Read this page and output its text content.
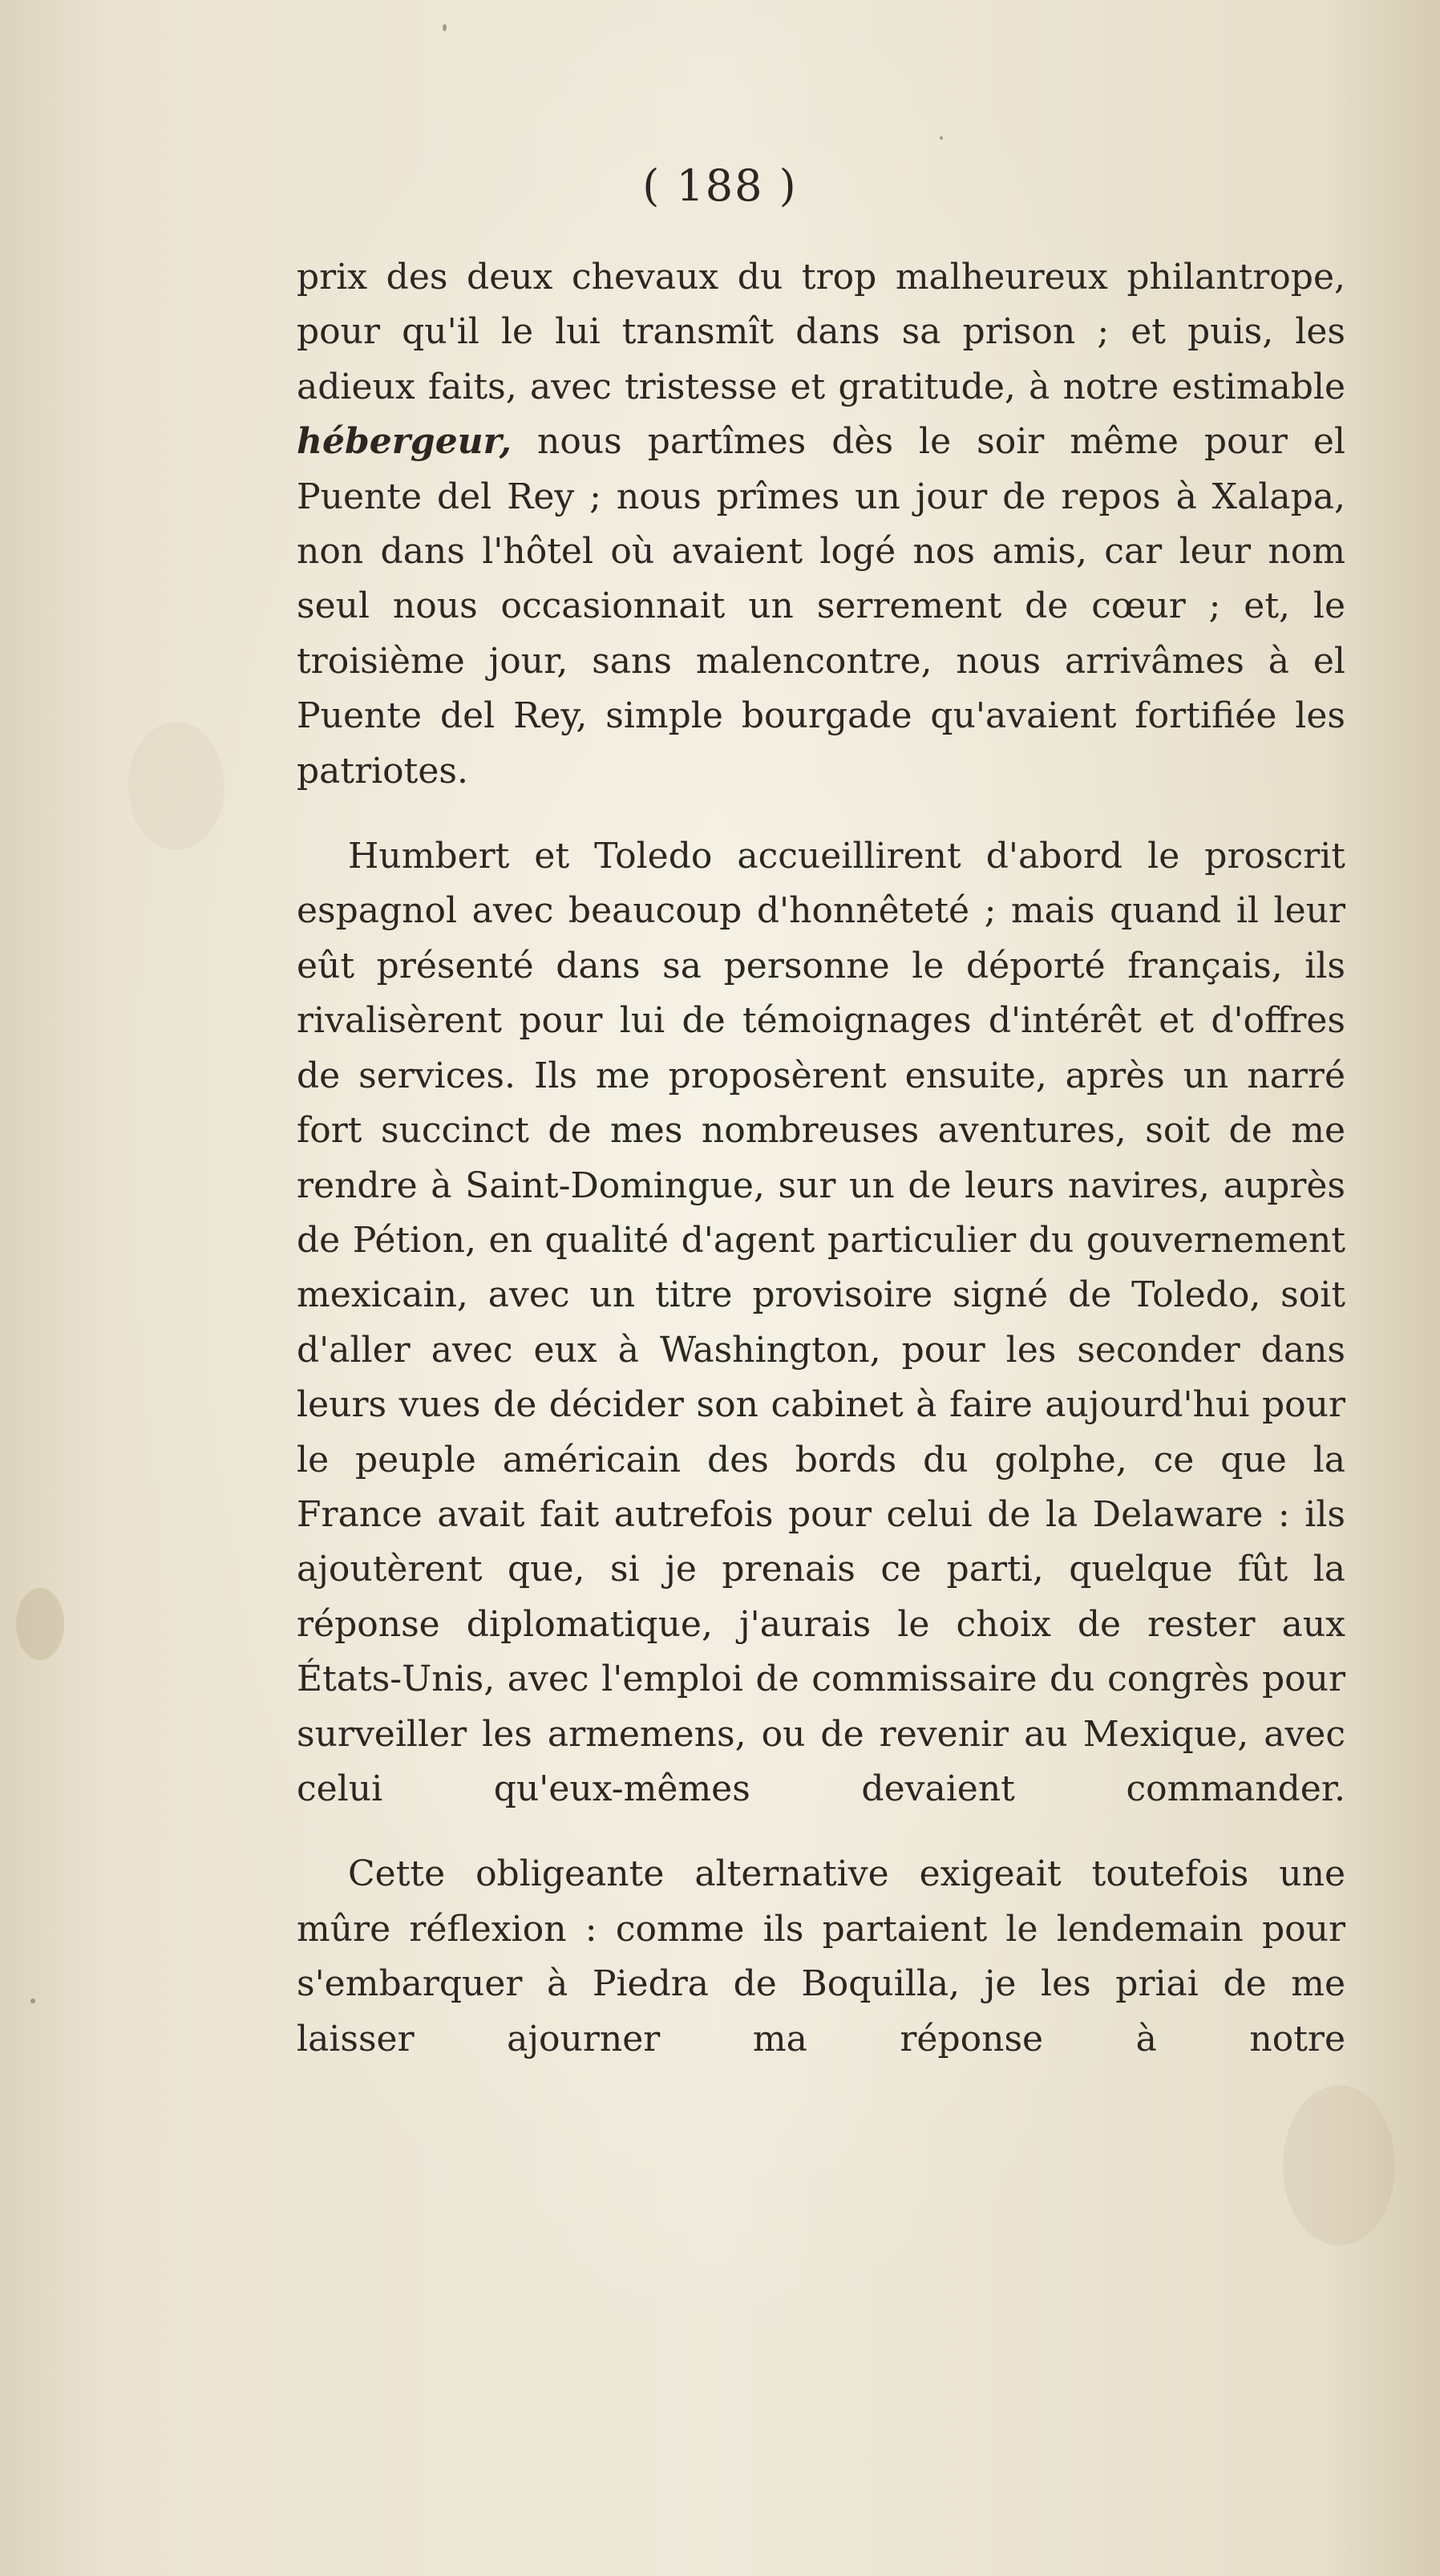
( 188 )

prix des deux chevaux du trop malheureux philantrope, pour qu'il le lui transmît dans sa prison ; et puis, les adieux faits, avec tristesse et gratitude, à notre estimable hébergeur, nous partîmes dès le soir même pour el Puente del Rey ; nous prîmes un jour de repos à Xalapa, non dans l'hôtel où avaient logé nos amis, car leur nom seul nous occasionnait un serrement de cœur ; et, le troisième jour, sans malencontre, nous arrivâmes à el Puente del Rey, simple bourgade qu'avaient fortifiée les patriotes.

Humbert et Toledo accueillirent d'abord le proscrit espagnol avec beaucoup d'honnêteté ; mais quand il leur eût présenté dans sa personne le déporté français, ils rivalisèrent pour lui de témoignages d'intérêt et d'offres de services. Ils me proposèrent ensuite, après un narré fort succinct de mes nombreuses aventures, soit de me rendre à Saint-Domingue, sur un de leurs navires, auprès de Pétion, en qualité d'agent particulier du gouvernement mexicain, avec un titre provisoire signé de Toledo, soit d'aller avec eux à Washington, pour les seconder dans leurs vues de décider son cabinet à faire aujourd'hui pour le peuple américain des bords du golphe, ce que la France avait fait autrefois pour celui de la Delaware : ils ajoutèrent que, si je prenais ce parti, quelque fût la réponse diplomatique, j'aurais le choix de rester aux États-Unis, avec l'emploi de commissaire du congrès pour surveiller les armemens, ou de revenir au Mexique, avec celui qu'eux-mêmes devaient commander.

Cette obligeante alternative exigeait toutefois une mûre réflexion : comme ils partaient le lendemain pour s'embarquer à Piedra de Boquilla, je les priai de me laisser ajourner ma réponse à notre
